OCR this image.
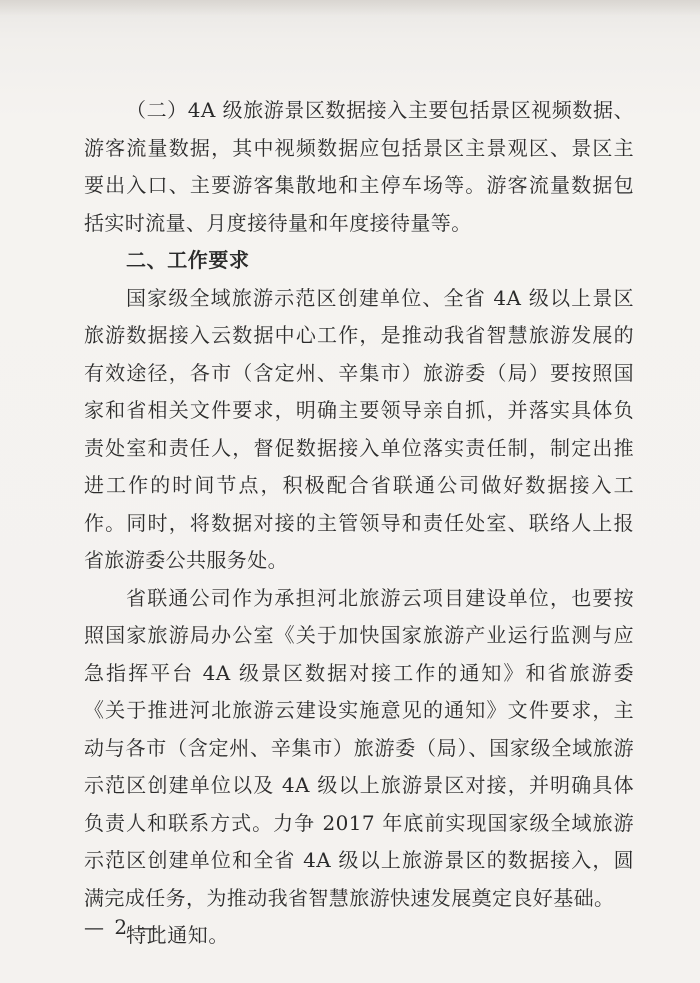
（二）4A 级旅游景区数据接入主要包括景区视频数据、游客流量数据，其中视频数据应包括景区主景观区、景区主要出入口、主要游客集散地和主停车场等。游客流量数据包括实时流量、月度接待量和年度接待量等。

二、工作要求

国家级全域旅游示范区创建单位、全省 4A 级以上景区旅游数据接入云数据中心工作，是推动我省智慧旅游发展的有效途径，各市（含定州、辛集市）旅游委（局）要按照国家和省相关文件要求，明确主要领导亲自抓，并落实具体负责处室和责任人，督促数据接入单位落实责任制，制定出推进工作的时间节点，积极配合省联通公司做好数据接入工作。同时，将数据对接的主管领导和责任处室、联络人上报省旅游委公共服务处。

省联通公司作为承担河北旅游云项目建设单位，也要按照国家旅游局办公室《关于加快国家旅游产业运行监测与应急指挥平台 4A 级景区数据对接工作的通知》和省旅游委《关于推进河北旅游云建设实施意见的通知》文件要求，主动与各市（含定州、辛集市）旅游委（局）、国家级全域旅游示范区创建单位以及 4A 级以上旅游景区对接，并明确具体负责人和联系方式。力争 2017 年底前实现国家级全域旅游示范区创建单位和全省 4A 级以上旅游景区的数据接入，圆满完成任务，为推动我省智慧旅游快速发展奠定良好基础。

特此通知。

— 2 —
